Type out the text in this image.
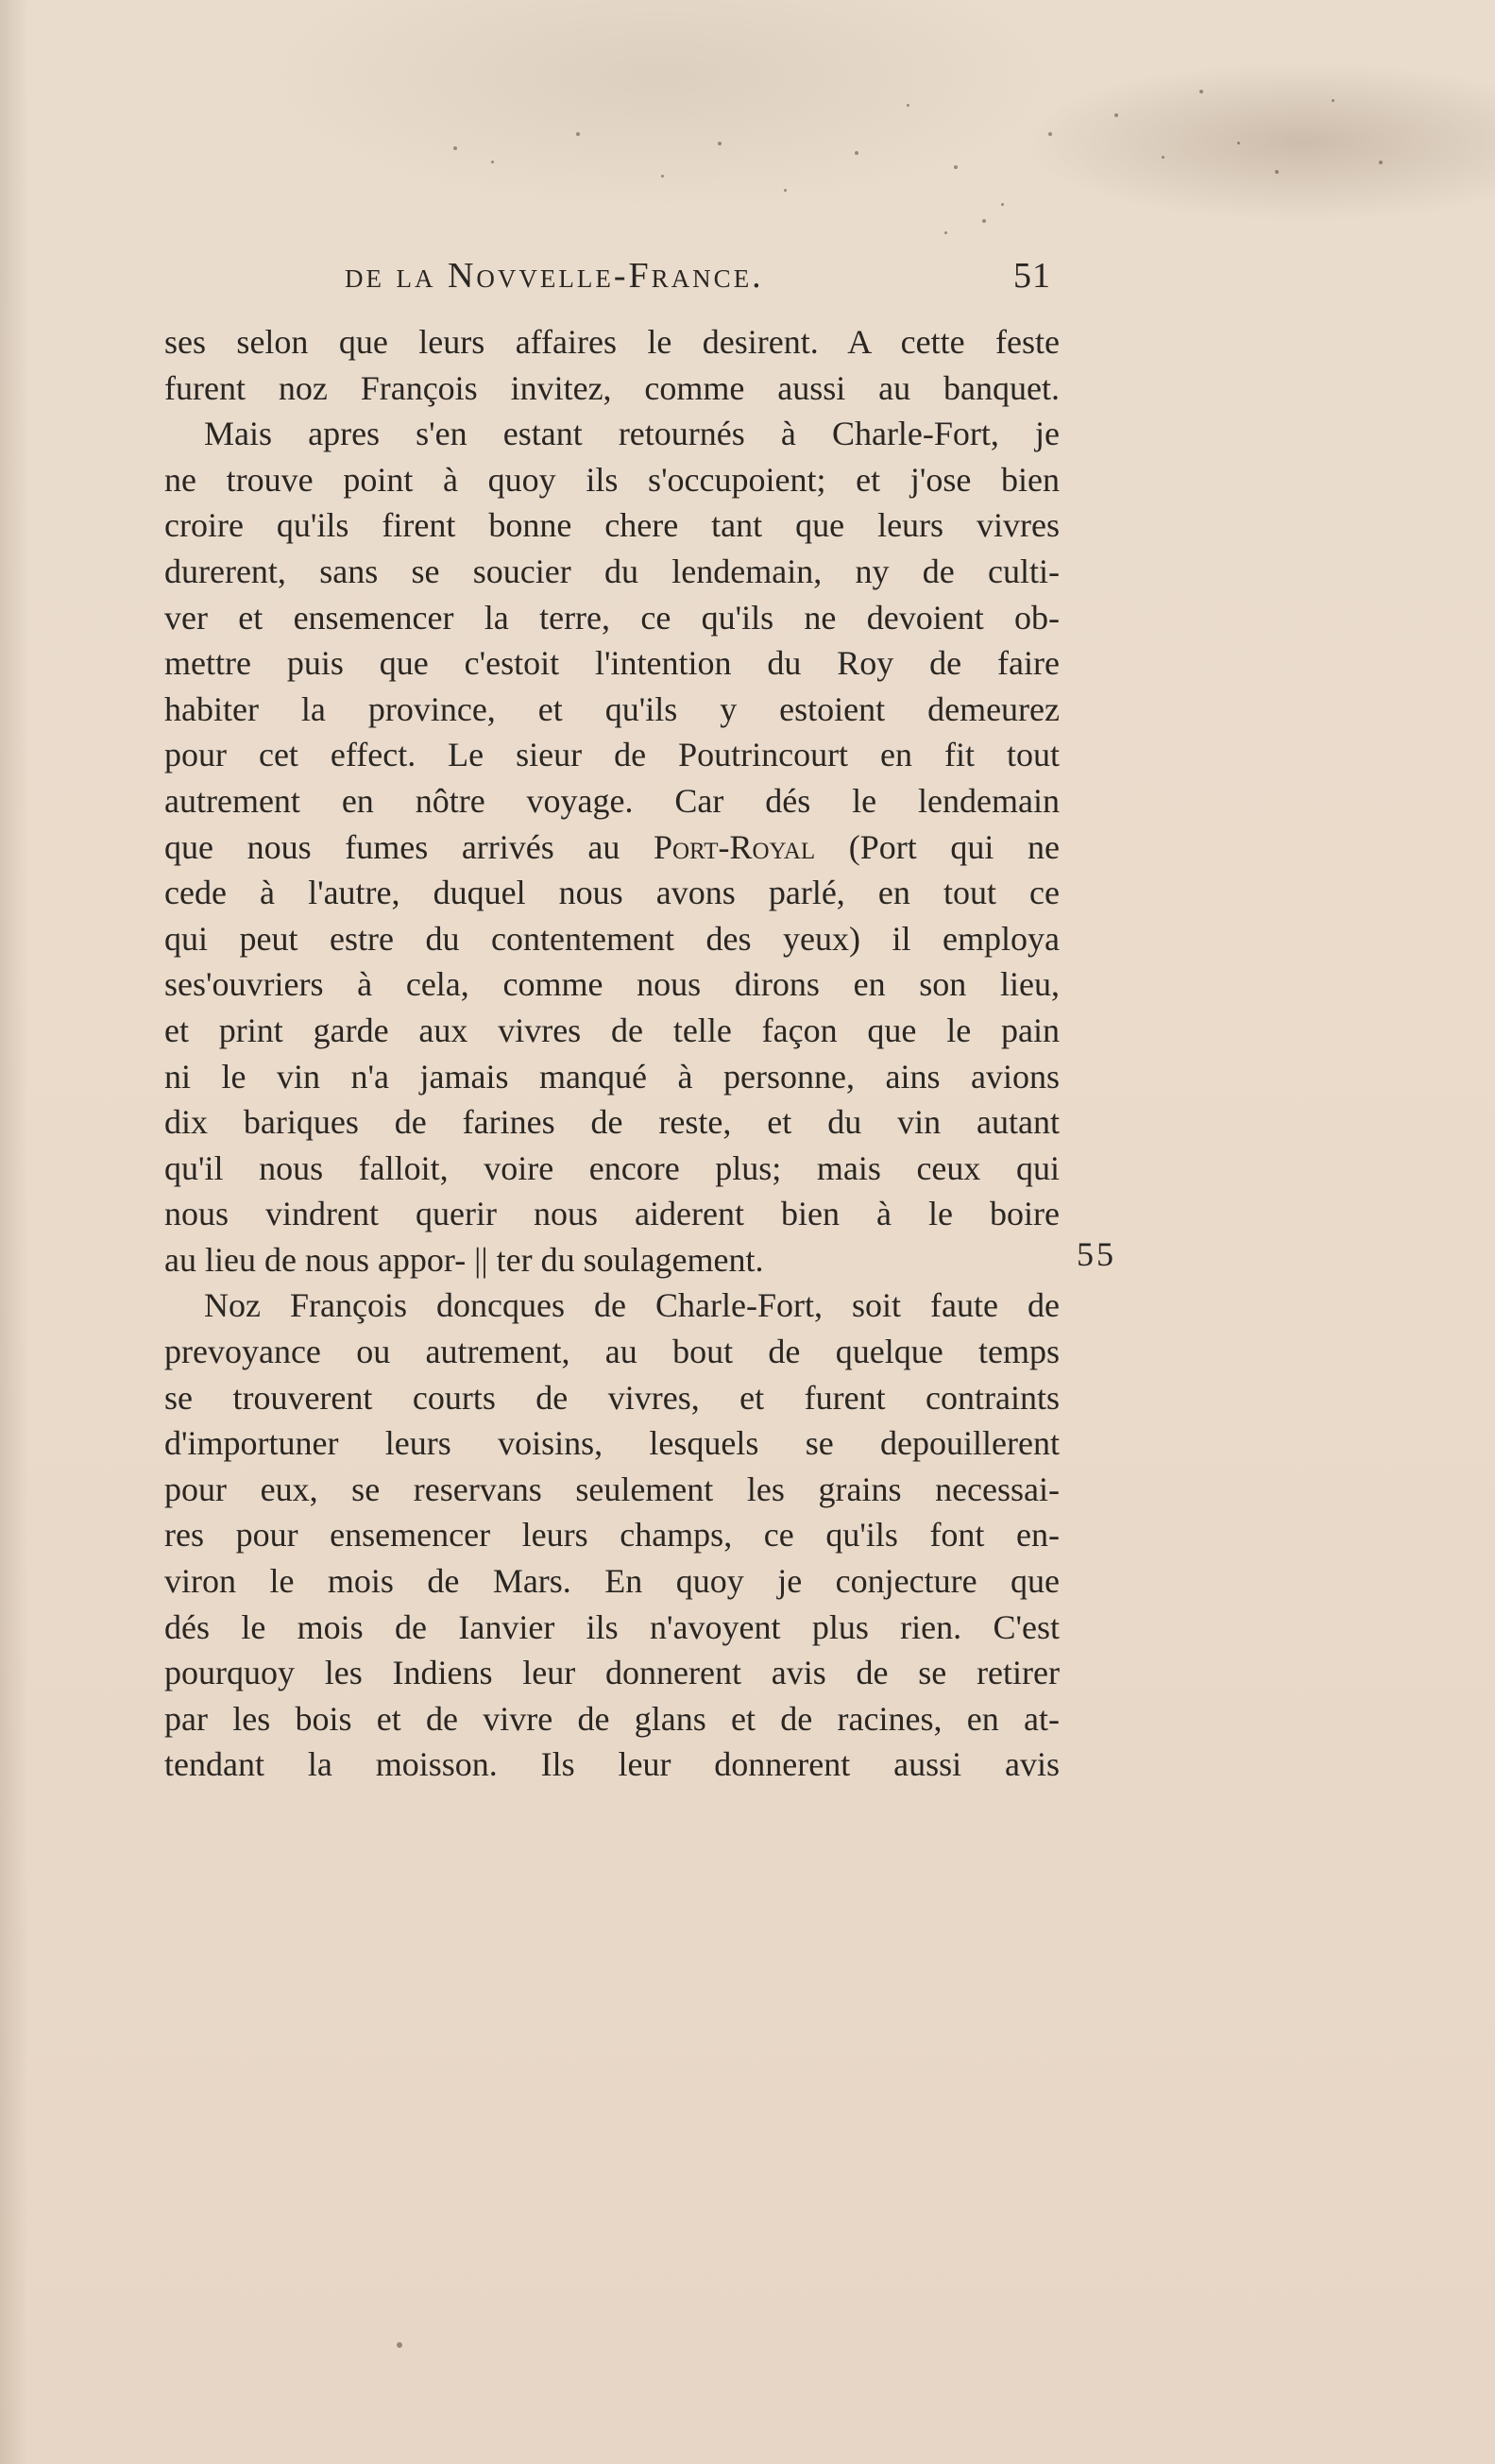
de la Novvelle-France.	51
ses selon que leurs affaires le desirent. A cette feste
furent noz François invitez, comme aussi au banquet.
Mais apres s'en estant retournés à Charle-Fort, je
ne trouve point à quoy ils s'occupoient; et j'ose bien
croire qu'ils firent bonne chere tant que leurs vivres
durerent, sans se soucier du lendemain, ny de culti-
ver et ensemencer la terre, ce qu'ils ne devoient ob-
mettre puis que c'estoit l'intention du Roy de faire
habiter la province, et qu'ils y estoient demeurez
pour cet effect. Le sieur de Poutrincourt en fit tout
autrement en nôtre voyage. Car dés le lendemain
que nous fumes arrivés au Port-Royal (Port qui ne
cede à l'autre, duquel nous avons parlé, en tout ce
qui peut estre du contentement des yeux) il employa
ses'ouvriers à cela, comme nous dirons en son lieu,
et print garde aux vivres de telle façon que le pain
ni le vin n'a jamais manqué à personne, ains avions
dix bariques de farines de reste, et du vin autant
qu'il nous falloit, voire encore plus; mais ceux qui
nous vindrent querir nous aiderent bien à le boire
au lieu de nous appor- || ter du soulagement.
Noz François doncques de Charle-Fort, soit faute de
prevoyance ou autrement, au bout de quelque temps
se trouverent courts de vivres, et furent contraints
d'importuner leurs voisins, lesquels se depouillerent
pour eux, se reservans seulement les grains necessai-
res pour ensemencer leurs champs, ce qu'ils font en-
viron le mois de Mars. En quoy je conjecture que
dés le mois de Ianvier ils n'avoyent plus rien. C'est
pourquoy les Indiens leur donnerent avis de se retirer
par les bois et de vivre de glans et de racines, en at-
tendant la moisson. Ils leur donnerent aussi avis
55
